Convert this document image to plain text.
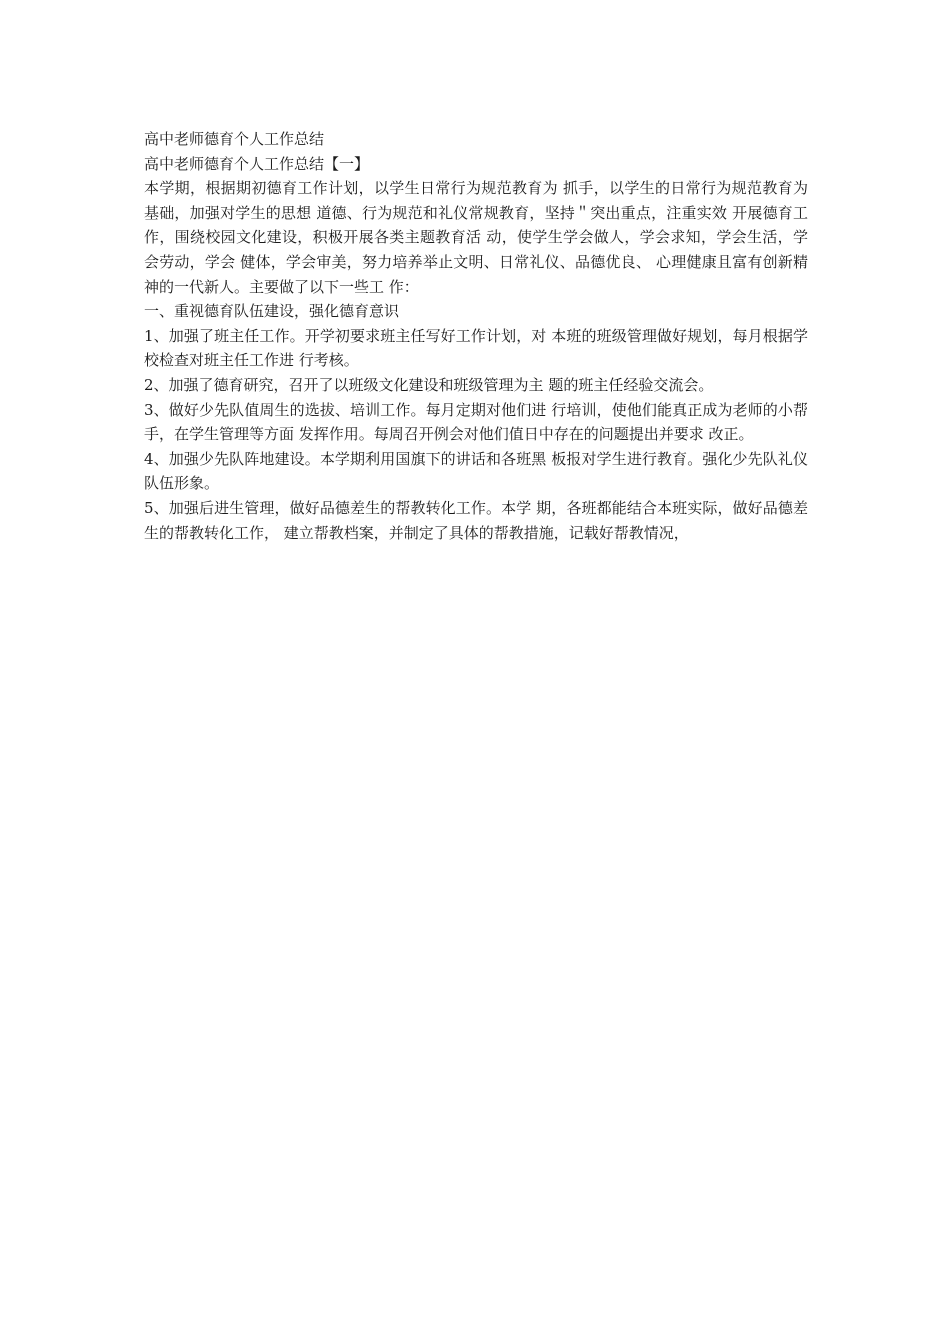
高中老师德育个人工作总结

高中老师德育个人工作总结【一】

本学期，根据期初德育工作计划，以学生日常行为规范教育为 抓手，以学生的日常行为规范教育为基础，加强对学生的思想 道德、行为规范和礼仪常规教育，坚持＂突出重点，注重实效 开展德育工作，围绕校园文化建设，积极开展各类主题教育活 动，使学生学会做人，学会求知，学会生活，学会劳动，学会 健体，学会审美，努力培养举止文明、日常礼仪、品德优良、 心理健康且富有创新精神的一代新人。主要做了以下一些工 作：

一、重视德育队伍建设，强化德育意识

1、加强了班主任工作。开学初要求班主任写好工作计划，对 本班的班级管理做好规划，每月根据学校检查对班主任工作进 行考核。

2、加强了德育研究，召开了以班级文化建设和班级管理为主 题的班主任经验交流会。

3、做好少先队值周生的选拔、培训工作。每月定期对他们进 行培训，使他们能真正成为老师的小帮手，在学生管理等方面 发挥作用。每周召开例会对他们值日中存在的问题提出并要求 改正。

4、加强少先队阵地建设。本学期利用国旗下的讲话和各班黑 板报对学生进行教育。强化少先队礼仪队伍形象。

5、加强后进生管理，做好品德差生的帮教转化工作。本学 期，各班都能结合本班实际，做好品德差生的帮教转化工作， 建立帮教档案，并制定了具体的帮教措施，记载好帮教情况，
